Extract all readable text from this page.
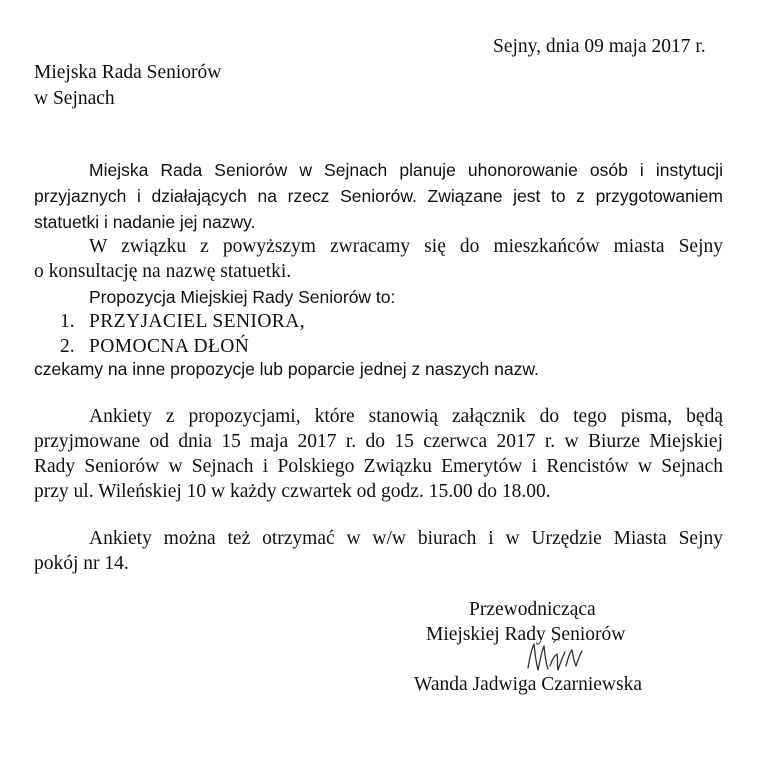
Sejny, dnia 09 maja 2017 r.
Miejska Rada Seniorów
w Sejnach
Miejska Rada Seniorów w Sejnach planuje uhonorowanie osób i instytucji
przyjaznych i działających na rzecz Seniorów. Związane jest to z przygotowaniem
statuetki i nadanie jej nazwy.
W związku z powyższym zwracamy się do mieszkańców miasta Sejny
o konsultację na nazwę statuetki.
Propozycja Miejskiej Rady Seniorów to:
1. PRZYJACIEL SENIORA,
2. POMOCNA DŁOŃ
czekamy na inne propozycje lub poparcie jednej z naszych nazw.
Ankiety z propozycjami, które stanowią załącznik do tego pisma, będą
przyjmowane od dnia 15 maja 2017 r. do 15 czerwca 2017 r. w Biurze Miejskiej
Rady Seniorów w Sejnach i Polskiego Związku Emerytów i Rencistów w Sejnach
przy ul. Wileńskiej 10 w każdy czwartek od godz. 15.00 do 18.00.
Ankiety można też otrzymać w w/w biurach i w Urzędzie Miasta Sejny
pokój nr 14.
Przewodnicząca
Miejskiej Rady Seniorów
Wanda Jadwiga Czarniewska
